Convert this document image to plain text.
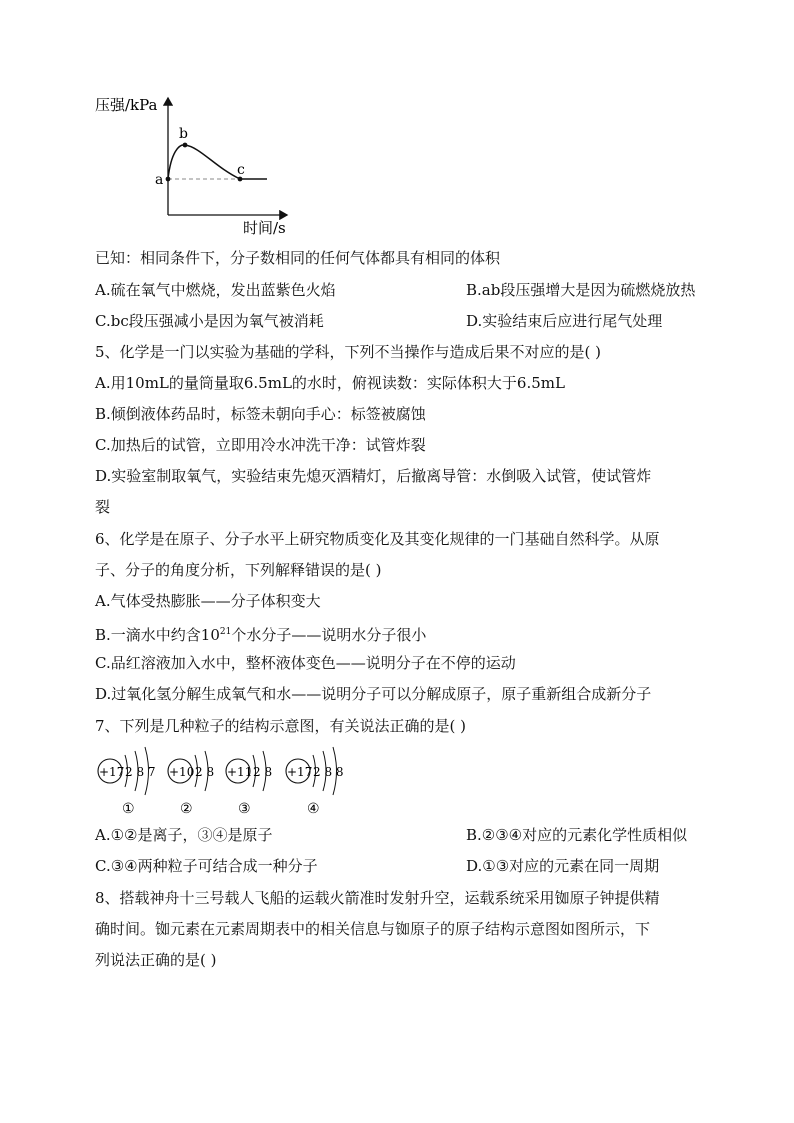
压强/kPa
时间/s
a
b
c
已知：相同条件下，分子数相同的任何气体都具有相同的体积
A.硫在氧气中燃烧，发出蓝紫色火焰	B.ab段压强增大是因为硫燃烧放热
C.bc段压强减小是因为氧气被消耗	D.实验结束后应进行尾气处理
5、化学是一门以实验为基础的学科，下列不当操作与造成后果不对应的是( )
A.用10mL的量筒量取6.5mL的水时，俯视读数：实际体积大于6.5mL
B.倾倒液体药品时，标签未朝向手心：标签被腐蚀
C.加热后的试管，立即用冷水冲洗干净：试管炸裂
D.实验室制取氧气，实验结束先熄灭酒精灯，后撤离导管：水倒吸入试管，使试管炸
裂
6、化学是在原子、分子水平上研究物质变化及其变化规律的一门基础自然科学。从原
子、分子的角度分析，下列解释错误的是( )
A.气体受热膨胀——分子体积变大
B.一滴水中约含$10^{21}$个水分子——说明水分子很小
C.品红溶液加入水中，整杯液体变色——说明分子在不停的运动
D.过氧化氢分解生成氧气和水——说明分子可以分解成原子，原子重新组合成新分子
7、下列是几种粒子的结构示意图，有关说法正确的是( )
+17 2 8 7
①
+10 2 8
②
+11 2 8
③
+17 2 8 8
④
A.①②是离子，③④是原子	B.②③④对应的元素化学性质相似
C.③④两种粒子可结合成一种分子	D.①③对应的元素在同一周期
8、搭载神舟十三号载人飞船的运载火箭准时发射升空，运载系统采用铷原子钟提供精
确时间。铷元素在元素周期表中的相关信息与铷原子的原子结构示意图如图所示，下
列说法正确的是( )
